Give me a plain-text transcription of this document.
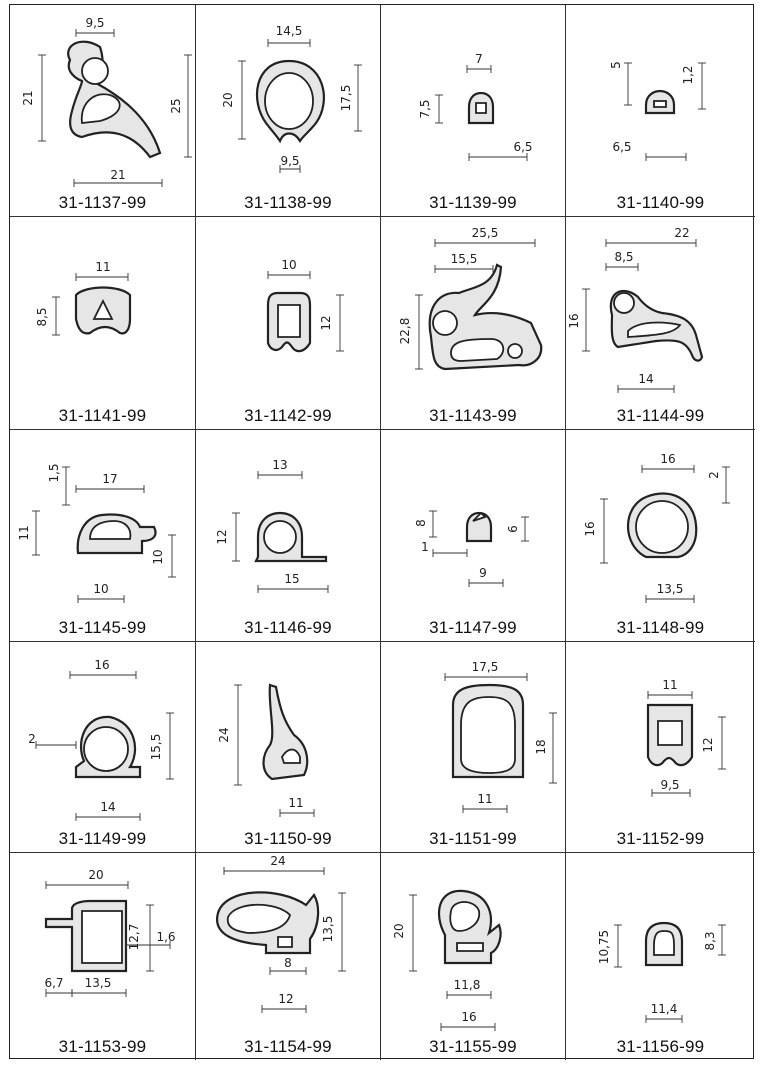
9,5
21
25
21
31-1137-99
14,5
20	17,5
9,5
31-1138-99
7
7,5
6,5
31-1139-99
5
1,2
6,5
31-1140-99
11
8,5
31-1141-99
10
12
31-1142-99
25,5
15,5
22,8
31-1143-99
22
8,5
16
14
31-1144-99
1,5	17
11
10
10
31-1145-99
13
12
15
31-1146-99
8
6
1
9
31-1147-99
16
2
16
13,5
31-1148-99
16
2	15,5
14
31-1149-99
24
11
31-1150-99
17,5
18
11
31-1151-99
11
12
9,5
31-1152-99
20
12,7 1,6
6,7 13,5
31-1153-99
24
13,5
8
12
31-1154-99
20
11,8
16
31-1155-99
10,75	8,3
11,4
31-1156-99
